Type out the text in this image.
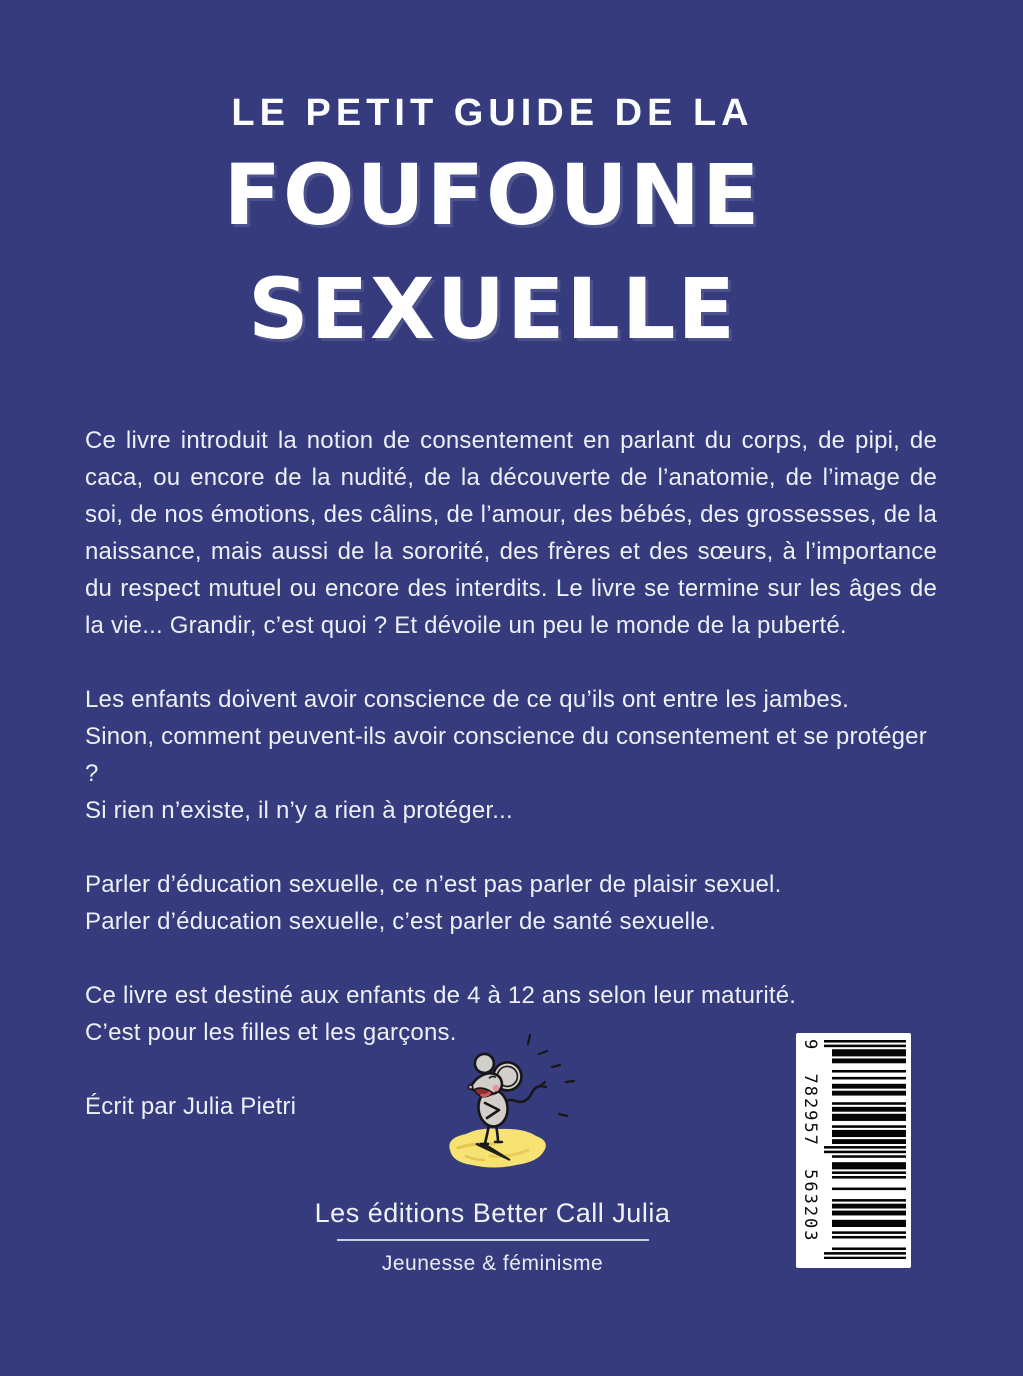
LE PETIT GUIDE DE LA
FOUFOUNE
SEXUELLE

Ce livre introduit la notion de consentement en parlant du corps, de pipi, de caca, ou encore de la nudité, de la découverte de l’anatomie, de l’image de soi, de nos émotions, des câlins, de l’amour, des bébés, des grossesses, de la naissance, mais aussi de la sororité, des frères et des sœurs, à l’importance du respect mutuel ou encore des interdits. Le livre se termine sur les âges de la vie... Grandir, c’est quoi ? Et dévoile un peu le monde de la puberté.

Les enfants doivent avoir conscience de ce qu’ils ont entre les jambes.
Sinon, comment peuvent-ils avoir conscience du consentement et se protéger ?
Si rien n’existe, il n’y a rien à protéger...

Parler d’éducation sexuelle, ce n’est pas parler de plaisir sexuel.
Parler d’éducation sexuelle, c’est parler de santé sexuelle.

Ce livre est destiné aux enfants de 4 à 12 ans selon leur maturité.
C’est pour les filles et les garçons.

Écrit par Julia Pietri	9 782957 563203

Les éditions Better Call Julia

Jeunesse & féminisme
